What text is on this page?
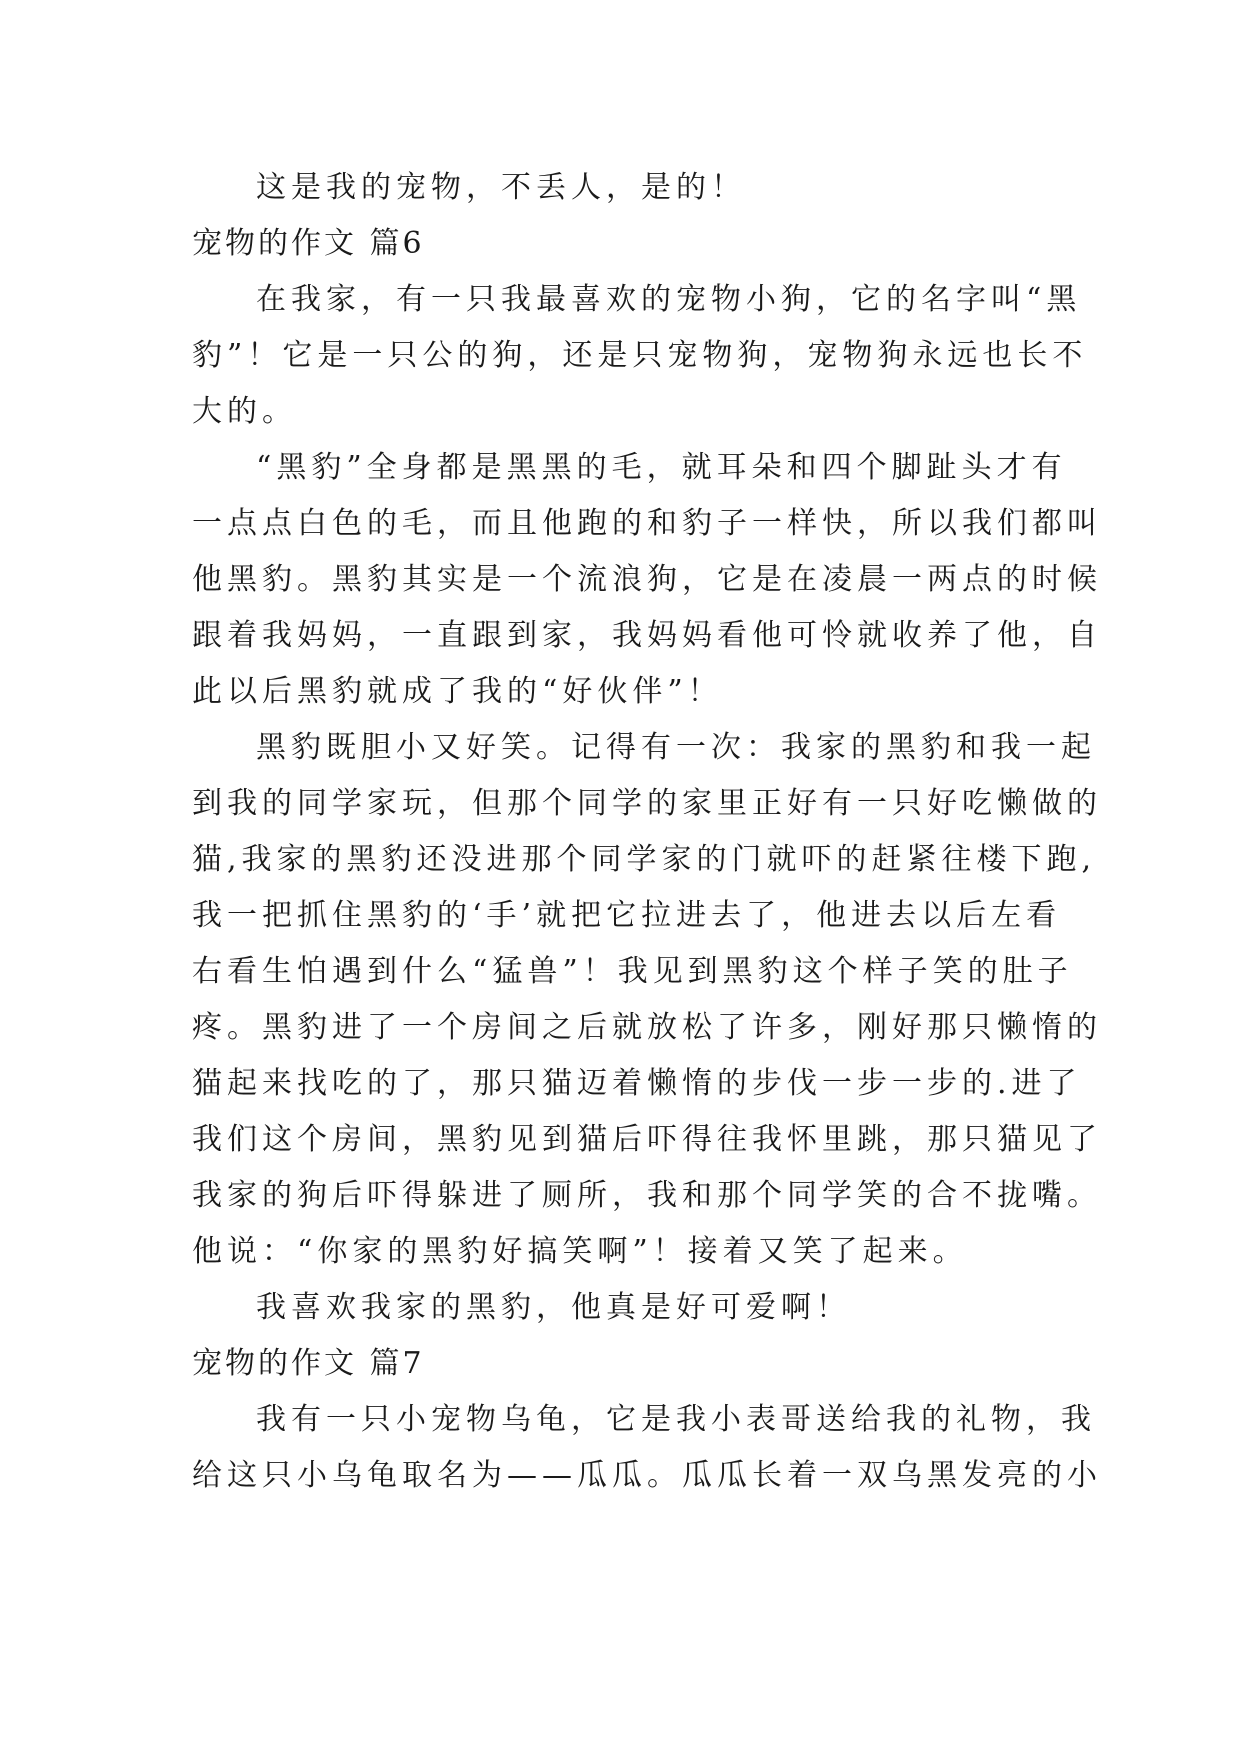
这是我的宠物，不丢人，是的！
宠物的作文 篇6
在我家，有一只我最喜欢的宠物小狗，它的名字叫“黑
豹”！它是一只公的狗，还是只宠物狗，宠物狗永远也长不
大的。
“黑豹”全身都是黑黑的毛，就耳朵和四个脚趾头才有
一点点白色的毛，而且他跑的和豹子一样快，所以我们都叫
他黑豹。黑豹其实是一个流浪狗，它是在凌晨一两点的时候
跟着我妈妈，一直跟到家，我妈妈看他可怜就收养了他，自
此以后黑豹就成了我的“好伙伴”！
黑豹既胆小又好笑。记得有一次：我家的黑豹和我一起
到我的同学家玩，但那个同学的家里正好有一只好吃懒做的
猫,我家的黑豹还没进那个同学家的门就吓的赶紧往楼下跑,
我一把抓住黑豹的‘手’就把它拉进去了，他进去以后左看
右看生怕遇到什么“猛兽”！我见到黑豹这个样子笑的肚子
疼。黑豹进了一个房间之后就放松了许多，刚好那只懒惰的
猫起来找吃的了，那只猫迈着懒惰的步伐一步一步的.进了
我们这个房间，黑豹见到猫后吓得往我怀里跳，那只猫见了
我家的狗后吓得躲进了厕所，我和那个同学笑的合不拢嘴。
他说：“你家的黑豹好搞笑啊”！接着又笑了起来。
我喜欢我家的黑豹，他真是好可爱啊！
宠物的作文 篇7
我有一只小宠物乌龟，它是我小表哥送给我的礼物，我
给这只小乌龟取名为——瓜瓜。瓜瓜长着一双乌黑发亮的小
